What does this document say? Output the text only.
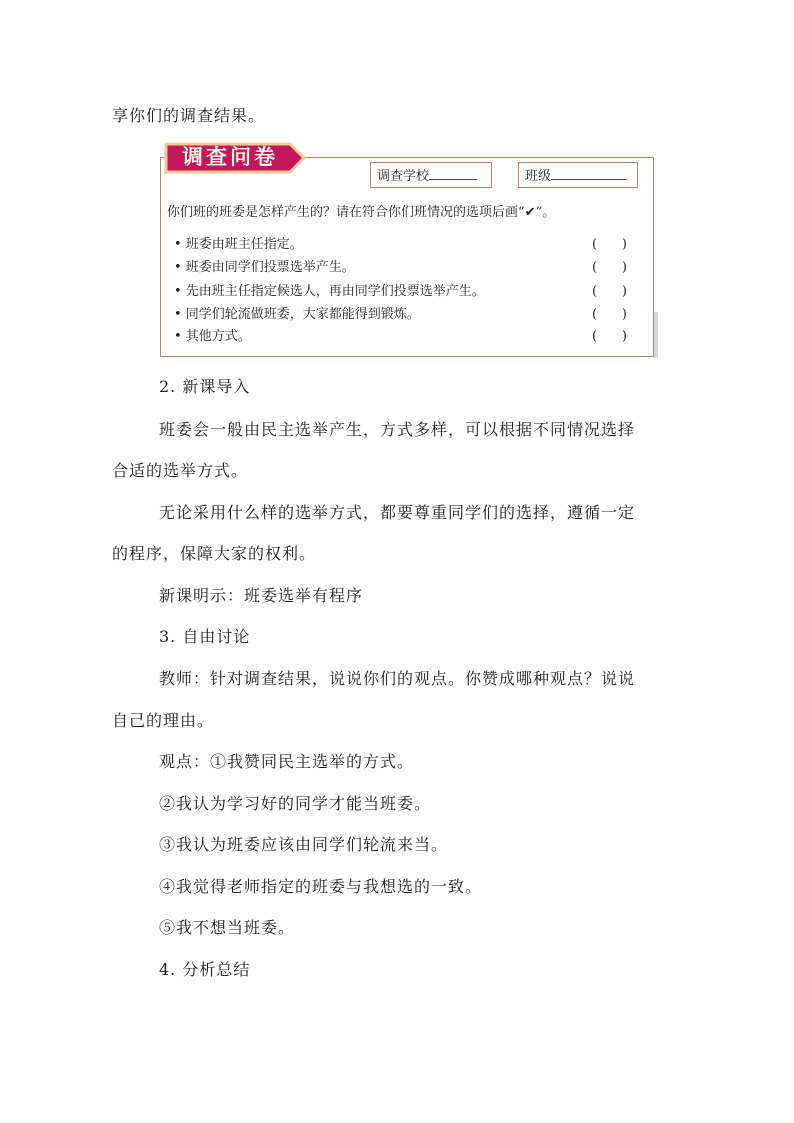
享你们的调查结果。
调查问卷
调查学校	班级
你们班的班委是怎样产生的？请在符合你们班情况的选项后画“✔”。
• 班委由班主任指定。	(      )
• 班委由同学们投票选举产生。	(      )
• 先由班主任指定候选人，再由同学们投票选举产生。	(      )
• 同学们轮流做班委，大家都能得到锻炼。	(      )
• 其他方式。	(      )
2. 新课导入
班委会一般由民主选举产生，方式多样，可以根据不同情况选择
合适的选举方式。
无论采用什么样的选举方式，都要尊重同学们的选择，遵循一定
的程序，保障大家的权利。
新课明示：班委选举有程序
3. 自由讨论
教师：针对调查结果，说说你们的观点。你赞成哪种观点？说说
自己的理由。
观点：①我赞同民主选举的方式。
②我认为学习好的同学才能当班委。
③我认为班委应该由同学们轮流来当。
④我觉得老师指定的班委与我想选的一致。
⑤我不想当班委。
4. 分析总结
